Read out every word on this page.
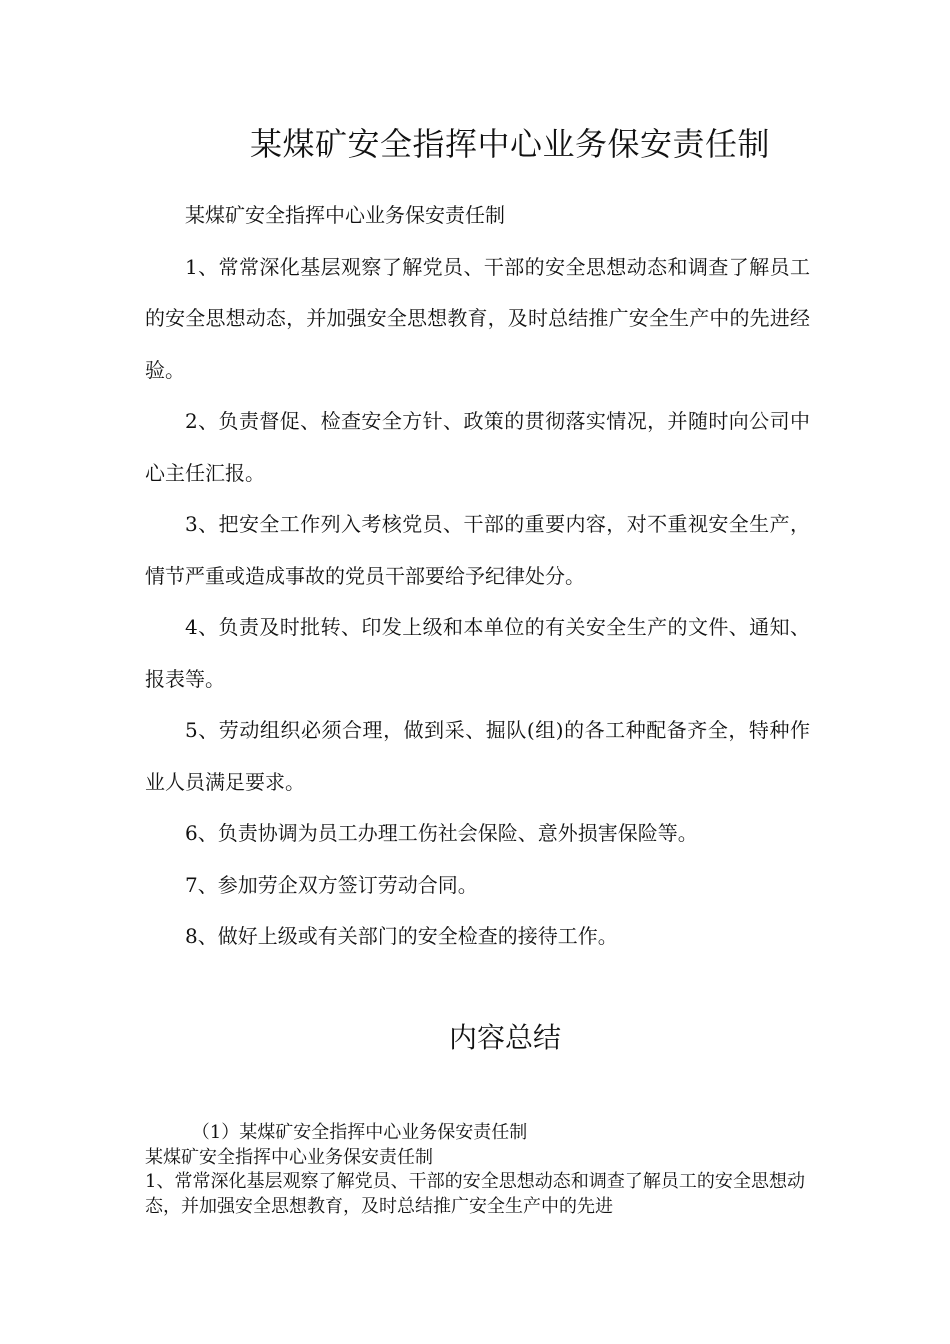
某煤矿安全指挥中心业务保安责任制

某煤矿安全指挥中心业务保安责任制

1、常常深化基层观察了解党员、干部的安全思想动态和调查了解员工的安全思想动态，并加强安全思想教育，及时总结推广安全生产中的先进经验。

2、负责督促、检查安全方针、政策的贯彻落实情况，并随时向公司中心主任汇报。

3、把安全工作列入考核党员、干部的重要内容，对不重视安全生产，情节严重或造成事故的党员干部要给予纪律处分。

4、负责及时批转、印发上级和本单位的有关安全生产的文件、通知、报表等。

5、劳动组织必须合理，做到采、掘队(组)的各工种配备齐全，特种作业人员满足要求。

6、负责协调为员工办理工伤社会保险、意外损害保险等。

7、参加劳企双方签订劳动合同。

8、做好上级或有关部门的安全检查的接待工作。

内容总结

（1）某煤矿安全指挥中心业务保安责任制

某煤矿安全指挥中心业务保安责任制

1、常常深化基层观察了解党员、干部的安全思想动态和调查了解员工的安全思想动态，并加强安全思想教育，及时总结推广安全生产中的先进
